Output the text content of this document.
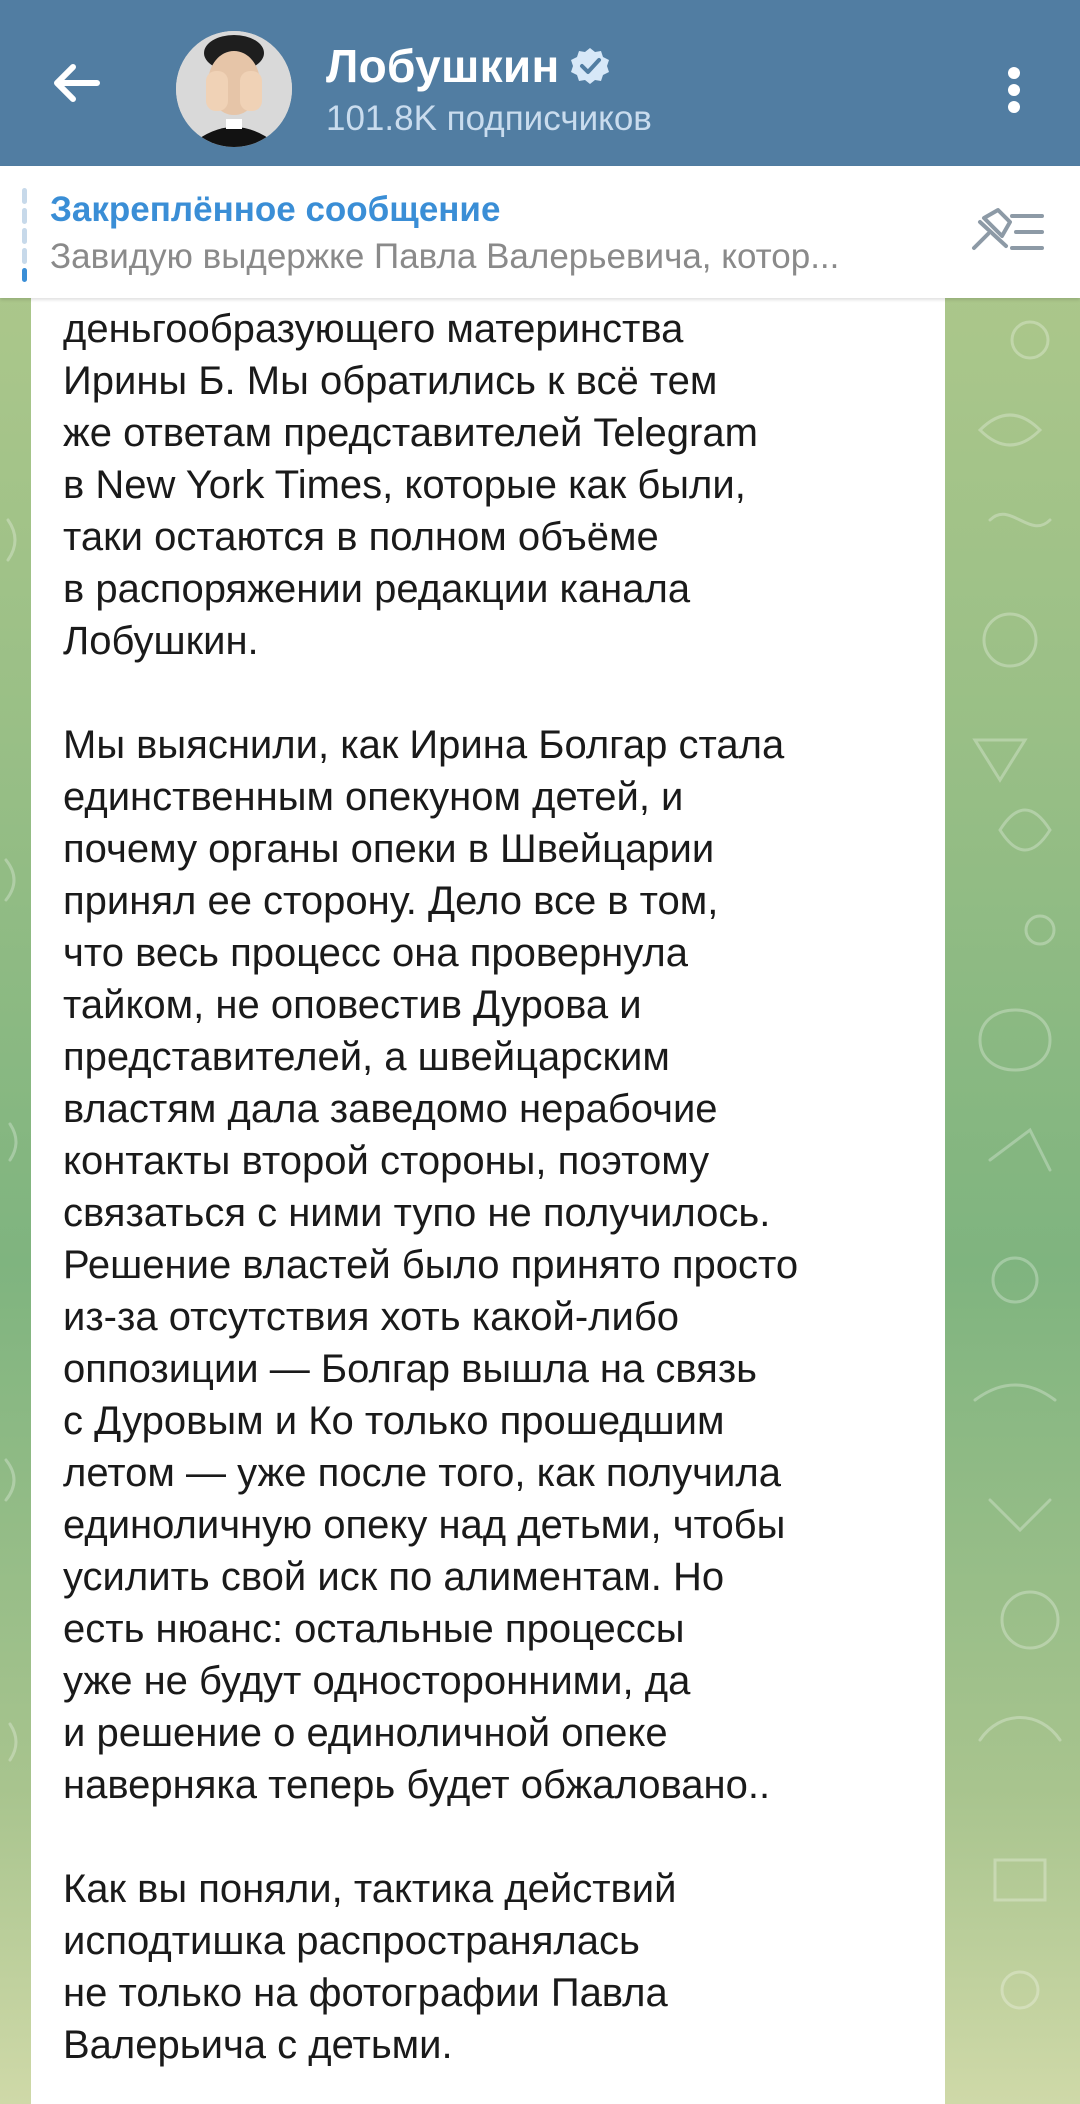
Лобушкин
101.8K подписчиков
Закреплённое сообщение
Завидую выдержке Павла Валерьевича, котор...
деньгообразующего материнства
Ирины Б. Мы обратились к всё тем
же ответам представителей Telegram
в New York Times, которые как были,
таки остаются в полном объёме
в распоряжении редакции канала
Лобушкин.

Мы выяснили, как Ирина Болгар стала
единственным опекуном детей, и
почему органы опеки в Швейцарии
принял ее сторону. Дело все в том,
что весь процесс она провернула
тайком, не оповестив Дурова и
представителей, а швейцарским
властям дала заведомо нерабочие
контакты второй стороны, поэтому
связаться с ними тупо не получилось.
Решение властей было принято просто
из-за отсутствия хоть какой-либо
оппозиции — Болгар вышла на связь
с Дуровым и Ко только прошедшим
летом — уже после того, как получила
единоличную опеку над детьми, чтобы
усилить свой иск по алиментам. Но
есть нюанс: остальные процессы
уже не будут односторонними, да
и решение о единоличной опеке
наверняка теперь будет обжаловано..

Как вы поняли, тактика действий
исподтишка распространялась
не только на фотографии Павла
Валерьича с детьми.
